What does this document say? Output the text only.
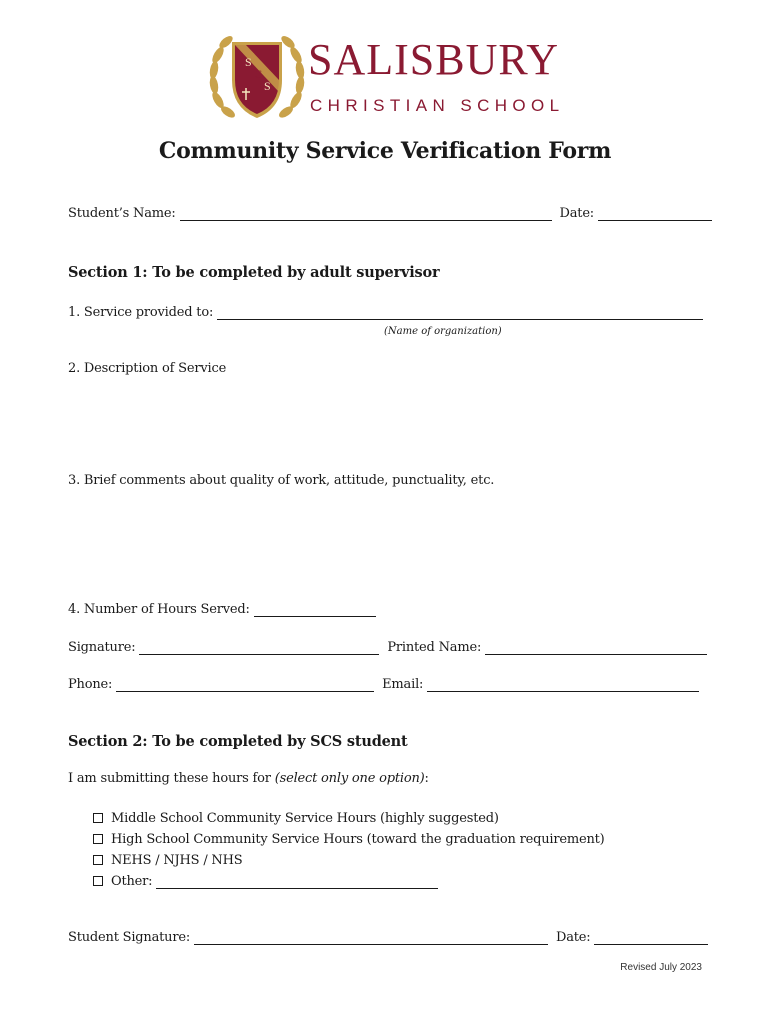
S
C
S
SALISBURY
CHRISTIAN SCHOOL
Community Service Verification Form
Student’s Name:	Date:
Section 1: To be completed by adult supervisor
1. Service provided to:
(Name of organization)
2. Description of Service
3. Brief comments about quality of work, attitude, punctuality, etc.
4. Number of Hours Served:
Signature:	Printed Name:
Phone:	Email:
Section 2: To be completed by SCS student
I am submitting these hours for (select only one option):
Middle School Community Service Hours (highly suggested)
High School Community Service Hours (toward the graduation requirement)
NEHS / NJHS / NHS
Other:
Student Signature:	Date:
Revised July 2023
